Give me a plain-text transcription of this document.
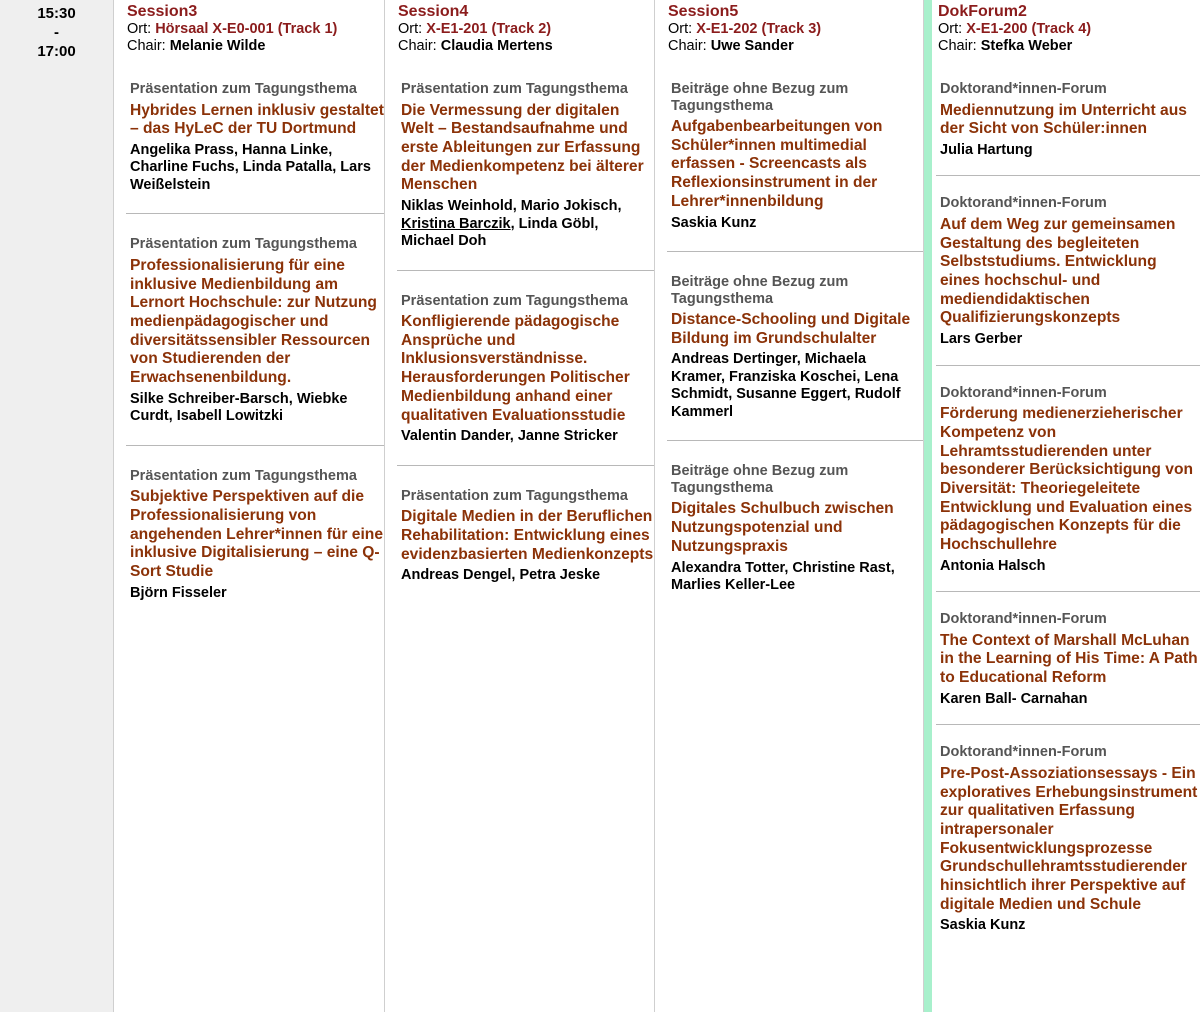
15:30
-
17:00
Session3
Ort: Hörsaal X-E0-001 (Track 1)
Chair: Melanie Wilde
Präsentation zum Tagungsthema
Hybrides Lernen inklusiv gestaltet – das HyLeC der TU Dortmund
Angelika Prass, Hanna Linke, Charline Fuchs, Linda Patalla, Lars Weißelstein
Präsentation zum Tagungsthema
Professionalisierung für eine inklusive Medienbildung am Lernort Hochschule: zur Nutzung medienpädagogischer und diversitätssensibler Ressourcen von Studierenden der Erwachsenenbildung.
Silke Schreiber-Barsch, Wiebke Curdt, Isabell Lowitzki
Präsentation zum Tagungsthema
Subjektive Perspektiven auf die Professionalisierung von angehenden Lehrer*innen für eine inklusive Digitalisierung – eine Q-Sort Studie
Björn Fisseler
Session4
Ort: X-E1-201 (Track 2)
Chair: Claudia Mertens
Präsentation zum Tagungsthema
Die Vermessung der digitalen Welt – Bestandsaufnahme und erste Ableitungen zur Erfassung der Medienkompetenz bei älterer Menschen
Niklas Weinhold, Mario Jokisch, Kristina Barczik, Linda Göbl, Michael Doh
Präsentation zum Tagungsthema
Konfligierende pädagogische Ansprüche und Inklusionsverständnisse. Herausforderungen Politischer Medienbildung anhand einer qualitativen Evaluationsstudie
Valentin Dander, Janne Stricker
Präsentation zum Tagungsthema
Digitale Medien in der Beruflichen Rehabilitation: Entwicklung eines evidenzbasierten Medienkonzepts
Andreas Dengel, Petra Jeske
Session5
Ort: X-E1-202 (Track 3)
Chair: Uwe Sander
Beiträge ohne Bezug zum Tagungsthema
Aufgabenbearbeitungen von Schüler*innen multimedial erfassen - Screencasts als Reflexionsinstrument in der Lehrer*innenbildung
Saskia Kunz
Beiträge ohne Bezug zum Tagungsthema
Distance-Schooling und Digitale Bildung im Grundschulalter
Andreas Dertinger, Michaela Kramer, Franziska Koschei, Lena Schmidt, Susanne Eggert, Rudolf Kammerl
Beiträge ohne Bezug zum Tagungsthema
Digitales Schulbuch zwischen Nutzungspotenzial und Nutzungspraxis
Alexandra Totter, Christine Rast, Marlies Keller-Lee
DokForum2
Ort: X-E1-200 (Track 4)
Chair: Stefka Weber
Doktorand*innen-Forum
Mediennutzung im Unterricht aus der Sicht von Schüler:innen
Julia Hartung
Doktorand*innen-Forum
Auf dem Weg zur gemeinsamen Gestaltung des begleiteten Selbststudiums. Entwicklung eines hochschul- und mediendidaktischen Qualifizierungskonzepts
Lars Gerber
Doktorand*innen-Forum
Förderung medienerzieherischer Kompetenz von Lehramtsstudierenden unter besonderer Berücksichtigung von Diversität: Theoriegeleitete Entwicklung und Evaluation eines pädagogischen Konzepts für die Hochschullehre
Antonia Halsch
Doktorand*innen-Forum
The Context of Marshall McLuhan in the Learning of His Time: A Path to Educational Reform
Karen Ball- Carnahan
Doktorand*innen-Forum
Pre-Post-Assoziationsessays - Ein exploratives Erhebungsinstrument zur qualitativen Erfassung intrapersonaler Fokusentwicklungsprozesse Grundschullehramtsstudierender hinsichtlich ihrer Perspektive auf digitale Medien und Schule
Saskia Kunz
